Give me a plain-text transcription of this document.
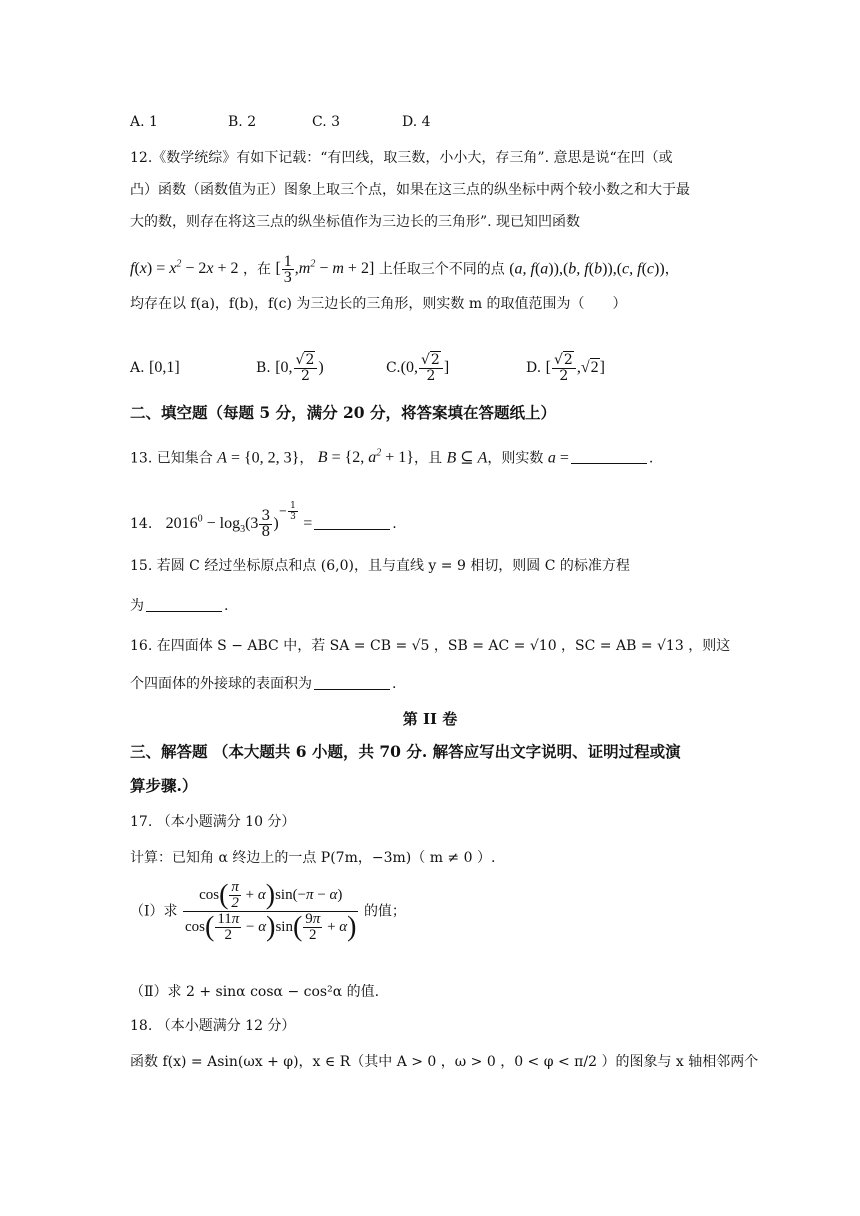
A. 1	B. 2	C. 3	D. 4
12.《数学统综》有如下记载：“有凹线，取三数，小小大，存三角”. 意思是说“在凹（或
凸）函数（函数值为正）图象上取三个点，如果在这三点的纵坐标中两个较小数之和大于最
大的数，则存在将这三点的纵坐标值作为三边长的三角形”. 现已知凹函数
$f(x) = x^2 - 2x + 2$ ，在 [ $\frac{1}{3} ,m^2 - m + 2$] 上任取三个不同的点 (a, f(a)),(b, f(b)),(c, f(c))，
均存在以 f(a)，f(b)，f(c) 为三边长的三角形，则实数 m 的取值范围为（　　）
A. [0,1]	B. [0, $\frac{√2}{2}$ )	C.(0, $\frac{√2}{2}$ ]	D. [ $\frac{√2}{2} ,√2$]
二、填空题（每题 5 分，满分 20 分，将答案填在答题纸上）
13. 已知集合 A = {0, 2, 3}， B = {2, $a^2 + 1$}，且 B ⊆ A，则实数 a =	.
14. $2016^0 - \log_3(3 \frac{3}{8} )^{- \frac{1}{3}}$
=	.
15. 若圆 C 经过坐标原点和点 (6,0)，且与直线 y = 9 相切，则圆 C 的标准方程
为	.
16. 在四面体 S − ABC 中，若 SA = CB = √5 ，SB = AC = √10 ，SC = AB = √13 ，则这
个四面体的外接球的表面积为	.
第 II 卷
三、解答题 （本大题共 6 小题，共 70 分. 解答应写出文字说明、证明过程或演
算步骤.）
17. （本小题满分 10 分）
计算：已知角 α 终边上的一点 P(7m，−3m)（ m ≠ 0 ）.
（Ⅰ）求 $\frac{\cos( \frac{\pi}{2} + \alpha)\sin(-\pi - \alpha)}{\cos( \frac{11\pi}{2} - \alpha)\sin( \frac{9\pi}{2} + \alpha)}$ 的值；
（Ⅱ）求 2 + sinα cosα − cos²α 的值.
18. （本小题满分 12 分）
函数 f(x) = Asin(ωx + φ)，x ∈ R（其中 A > 0 ，ω > 0 ，0 < φ < π/2 ）的图象与 x 轴相邻两个
